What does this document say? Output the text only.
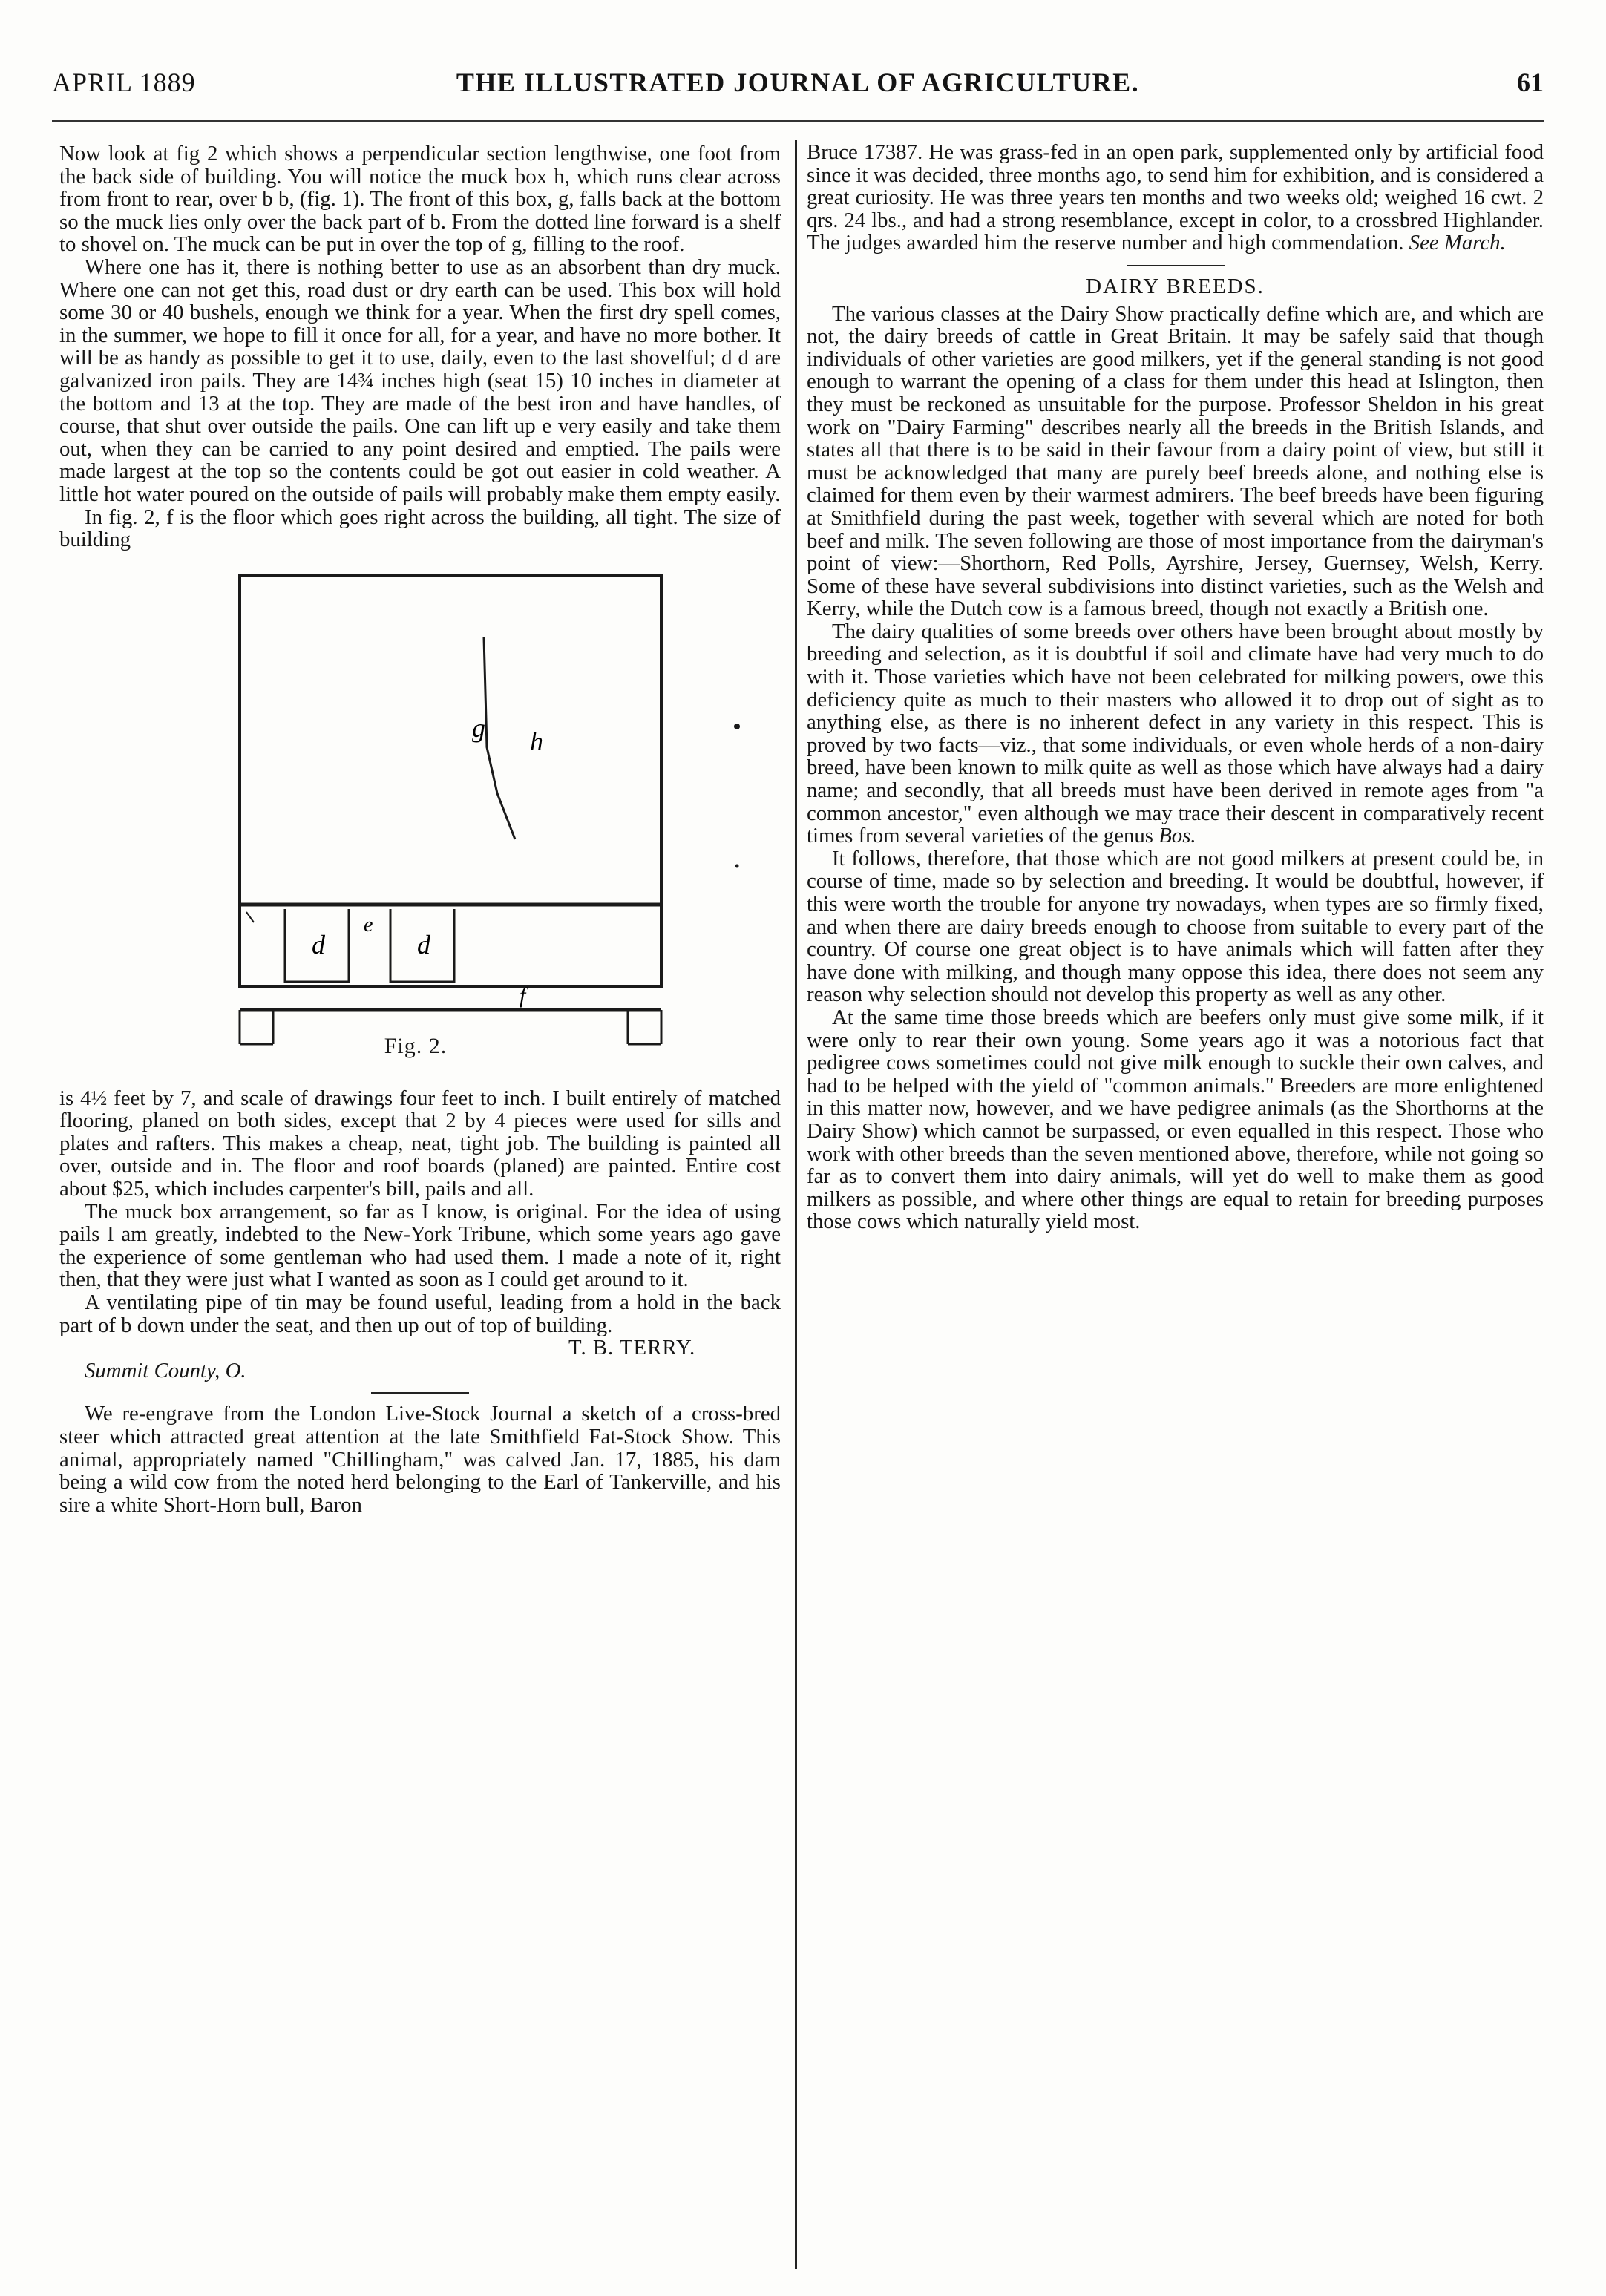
APRIL 1889	THE ILLUSTRATED JOURNAL OF AGRICULTURE.	61

Now look at fig 2 which shows a perpendicular section lengthwise, one foot from the back side of building. You will notice the muck box h, which runs clear across from front to rear, over b b, (fig. 1). The front of this box, g, falls back at the bottom so the muck lies only over the back part of b. From the dotted line forward is a shelf to shovel on. The muck can be put in over the top of g, filling to the roof.

Where one has it, there is nothing better to use as an absorbent than dry muck. Where one can not get this, road dust or dry earth can be used. This box will hold some 30 or 40 bushels, enough we think for a year. When the first dry spell comes, in the summer, we hope to fill it once for all, for a year, and have no more bother. It will be as handy as possible to get it to use, daily, even to the last shovelful; d d are galvanized iron pails. They are 14¾ inches high (seat 15) 10 inches in diameter at the bottom and 13 at the top. They are made of the best iron and have handles, of course, that shut over outside the pails. One can lift up e very easily and take them out, when they can be carried to any point desired and emptied. The pails were made largest at the top so the contents could be got out easier in cold weather. A little hot water poured on the outside of pails will probably make them empty easily.

In fig. 2, f is the floor which goes right across the building, all tight. The size of building

g h
d	d
e
f
Fig. 2.

is 4½ feet by 7, and scale of drawings four feet to inch. I built entirely of matched flooring, planed on both sides, except that 2 by 4 pieces were used for sills and plates and rafters. This makes a cheap, neat, tight job. The building is painted all over, outside and in. The floor and roof boards (planed) are painted. Entire cost about $25, which includes carpenter's bill, pails and all.

The muck box arrangement, so far as I know, is original. For the idea of using pails I am greatly, indebted to the New-York Tribune, which some years ago gave the experience of some gentleman who had used them. I made a note of it, right then, that they were just what I wanted as soon as I could get around to it.

A ventilating pipe of tin may be found useful, leading from a hold in the back part of b down under the seat, and then up out of top of building.

T. B. TERRY.

Summit County, O.

We re-engrave from the London Live-Stock Journal a sketch of a cross-bred steer which attracted great attention at the late Smithfield Fat-Stock Show. This animal, appropriately named "Chillingham," was calved Jan. 17, 1885, his dam being a wild cow from the noted herd belonging to the Earl of Tankerville, and his sire a white Short-Horn bull, Baron

Bruce 17387. He was grass-fed in an open park, supplemented only by artificial food since it was decided, three months ago, to send him for exhibition, and is considered a great curiosity. He was three years ten months and two weeks old; weighed 16 cwt. 2 qrs. 24 lbs., and had a strong resemblance, except in color, to a crossbred Highlander. The judges awarded him the reserve number and high commendation. See March.

DAIRY BREEDS.

The various classes at the Dairy Show practically define which are, and which are not, the dairy breeds of cattle in Great Britain. It may be safely said that though individuals of other varieties are good milkers, yet if the general standing is not good enough to warrant the opening of a class for them under this head at Islington, then they must be reckoned as unsuitable for the purpose. Professor Sheldon in his great work on "Dairy Farming" describes nearly all the breeds in the British Islands, and states all that there is to be said in their favour from a dairy point of view, but still it must be acknowledged that many are purely beef breeds alone, and nothing else is claimed for them even by their warmest admirers. The beef breeds have been figuring at Smithfield during the past week, together with several which are noted for both beef and milk. The seven following are those of most importance from the dairyman's point of view:—Shorthorn, Red Polls, Ayrshire, Jersey, Guernsey, Welsh, Kerry. Some of these have several subdivisions into distinct varieties, such as the Welsh and Kerry, while the Dutch cow is a famous breed, though not exactly a British one.

The dairy qualities of some breeds over others have been brought about mostly by breeding and selection, as it is doubtful if soil and climate have had very much to do with it. Those varieties which have not been celebrated for milking powers, owe this deficiency quite as much to their masters who allowed it to drop out of sight as to anything else, as there is no inherent defect in any variety in this respect. This is proved by two facts—viz., that some individuals, or even whole herds of a non-dairy breed, have been known to milk quite as well as those which have always had a dairy name; and secondly, that all breeds must have been derived in remote ages from "a common ancestor," even although we may trace their descent in comparatively recent times from several varieties of the genus Bos.

It follows, therefore, that those which are not good milkers at present could be, in course of time, made so by selection and breeding. It would be doubtful, however, if this were worth the trouble for anyone try nowadays, when types are so firmly fixed, and when there are dairy breeds enough to choose from suitable to every part of the country. Of course one great object is to have animals which will fatten after they have done with milking, and though many oppose this idea, there does not seem any reason why selection should not develop this property as well as any other.

At the same time those breeds which are beefers only must give some milk, if it were only to rear their own young. Some years ago it was a notorious fact that pedigree cows sometimes could not give milk enough to suckle their own calves, and had to be helped with the yield of "common animals." Breeders are more enlightened in this matter now, however, and we have pedigree animals (as the Shorthorns at the Dairy Show) which cannot be surpassed, or even equalled in this respect. Those who work with other breeds than the seven mentioned above, therefore, while not going so far as to convert them into dairy animals, will yet do well to make them as good milkers as possible, and where other things are equal to retain for breeding purposes those cows which naturally yield most.
